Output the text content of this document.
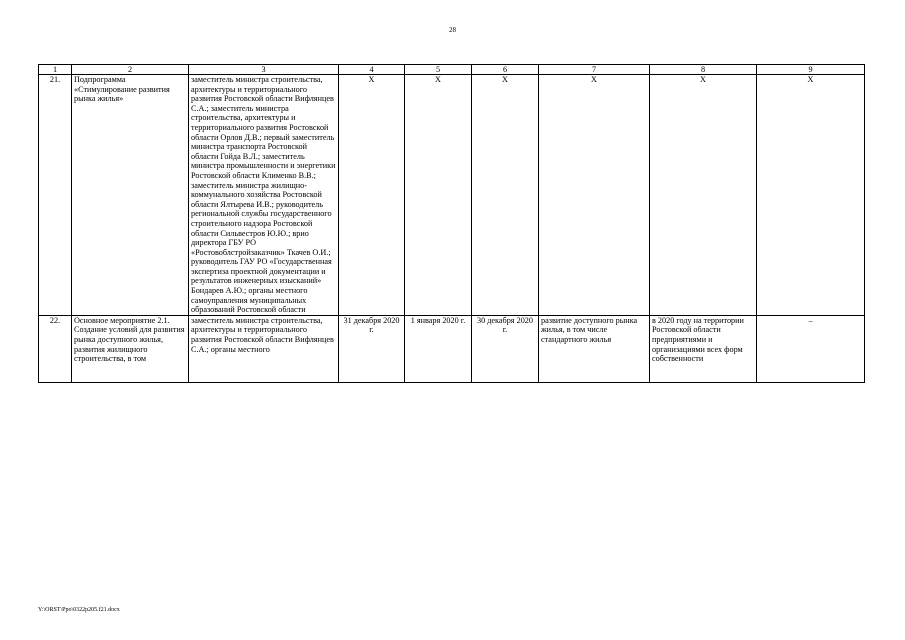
28
1	2	3	4	5	6	7	8	9
21.	Подпрограмма «Стимулирование развития рынка жилья»	заместитель министра строительства, архитектуры и территориального развития Ростовской области Вифлянцев С.А.; заместитель министра строительства, архитектуры и территориального развития Ростовской области Орлов Д.В.; первый заместитель министра транспорта Ростовской области Гойда В.Л.; заместитель министра промышленности и энергетики Ростовской области Клименко В.В.; заместитель министра жилищно-коммунального хозяйства Ростовской области Ялтырева И.В.; руководитель региональной службы государственного строительного надзора Ростовской области Сильвестров Ю.Ю.; врио директора ГБУ РО «Ростовоблстройзаказчик» Ткачев О.И.; руководитель ГАУ РО «Государственная экспертиза проектной документации и результатов инженерных изысканий» Бондарев А.Ю.; органы местного самоуправления муниципальных образований Ростовской области	Х	Х	Х	Х	Х	Х
22.	Основное мероприятие 2.1. Создание условий для развития рынка доступного жилья, развития жилищного строительства, в том	заместитель министра строительства, архитектуры и территориального развития Ростовской области Вифлянцев С.А.; органы местного	31 декабря 2020 г.	1 января 2020 г.	30 декабря 2020 г.	развитие доступного рынка жилья, в том числе стандартного жилья	в 2020 году на территории Ростовской области предприятиями и организациями всех форм собственности	–
Y:\ORST\Ppo\0322p205.f21.docx
